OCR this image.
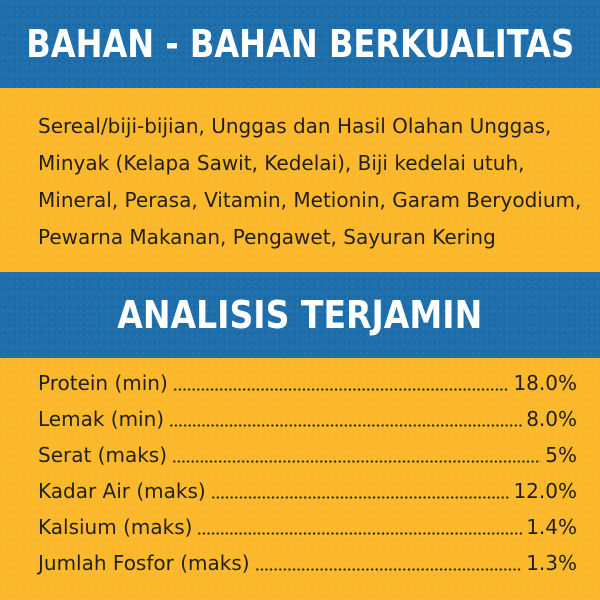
BAHAN - BAHAN BERKUALITAS

Sereal/biji-bijian, Unggas dan Hasil Olahan Unggas,

Minyak (Kelapa Sawit, Kedelai), Biji kedelai utuh,

Mineral, Perasa, Vitamin, Metionin, Garam Beryodium,

Pewarna Makanan, Pengawet, Sayuran Kering

ANALISIS TERJAMIN
Protein (min)	18.0%
Lemak (min)	8.0%
Serat (maks)	5%
Kadar Air (maks)	12.0%
Kalsium (maks)	1.4%
Jumlah Fosfor (maks)	1.3%
